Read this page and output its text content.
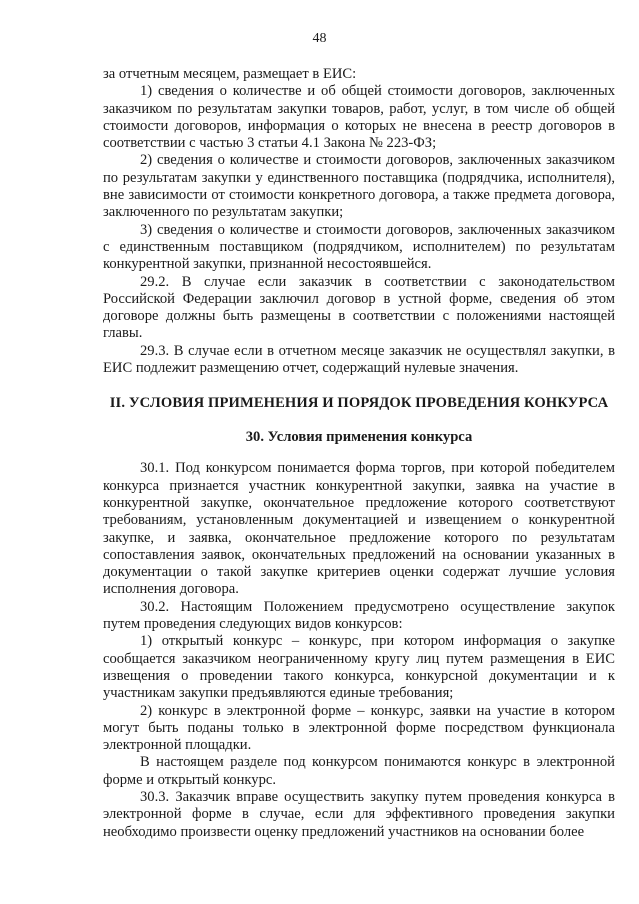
48

за отчетным месяцем, размещает в ЕИС:

1) сведения о количестве и об общей стоимости договоров, заключенных заказчиком по результатам закупки товаров, работ, услуг, в том числе об общей стоимости договоров, информация о которых не внесена в реестр договоров в соответствии с частью 3 статьи 4.1 Закона № 223-ФЗ;

2) сведения о количестве и стоимости договоров, заключенных заказчиком по результатам закупки у единственного поставщика (подрядчика, исполнителя), вне зависимости от стоимости конкретного договора, а также предмета договора, заключенного по результатам закупки;

3) сведения о количестве и стоимости договоров, заключенных заказчиком с единственным поставщиком (подрядчиком, исполнителем) по результатам конкурентной закупки, признанной несостоявшейся.

29.2. В случае если заказчик в соответствии с законодательством Российской Федерации заключил договор в устной форме, сведения об этом договоре должны быть размещены в соответствии с положениями настоящей главы.

29.3. В случае если в отчетном месяце заказчик не осуществлял закупки, в ЕИС подлежит размещению отчет, содержащий нулевые значения.

II. УСЛОВИЯ ПРИМЕНЕНИЯ И ПОРЯДОК ПРОВЕДЕНИЯ КОНКУРСА
30. Условия применения конкурса

30.1. Под конкурсом понимается форма торгов, при которой победителем конкурса признается участник конкурентной закупки, заявка на участие в конкурентной закупке, окончательное предложение которого соответствуют требованиям, установленным документацией и извещением о конкурентной закупке, и заявка, окончательное предложение которого по результатам сопоставления заявок, окончательных предложений на основании указанных в документации о такой закупке критериев оценки содержат лучшие условия исполнения договора.

30.2. Настоящим Положением предусмотрено осуществление закупок путем проведения следующих видов конкурсов:

1) открытый конкурс – конкурс, при котором информация о закупке сообщается заказчиком неограниченному кругу лиц путем размещения в ЕИС извещения о проведении такого конкурса, конкурсной документации и к участникам закупки предъявляются единые требования;

2) конкурс в электронной форме – конкурс, заявки на участие в котором могут быть поданы только в электронной форме посредством функционала электронной площадки.

В настоящем разделе под конкурсом понимаются конкурс в электронной форме и открытый конкурс.

30.3. Заказчик вправе осуществить закупку путем проведения конкурса в электронной форме в случае, если для эффективного проведения закупки необходимо произвести оценку предложений участников на основании более
